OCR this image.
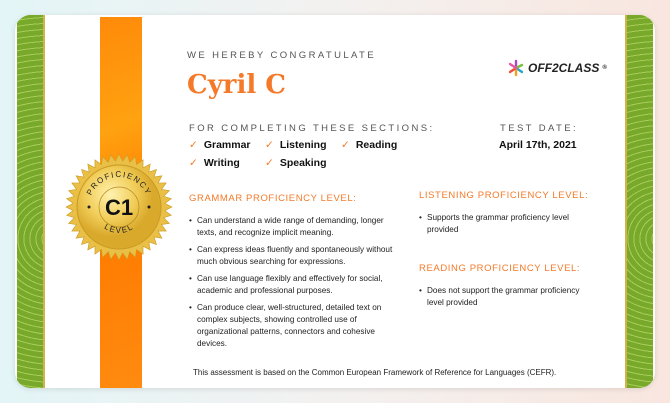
PROFICIENCY
C1
LEVEL
WE HEREBY CONGRATULATE
Cyril C
OFF2CLASS ®
FOR COMPLETING THESE SECTIONS:
✓ Grammar ✓ Listening ✓ Reading
✓ Writing ✓ Speaking
TEST DATE:
April 17th, 2021
GRAMMAR PROFICIENCY LEVEL:
• Can understand a wide range of demanding, longer texts, and recognize implicit meaning.
• Can express ideas fluently and spontaneously without much obvious searching for expressions.
• Can use language flexibly and effectively for social, academic and professional purposes.
• Can produce clear, well-structured, detailed text on complex subjects, showing controlled use of organizational patterns, connectors and cohesive devices.
LISTENING PROFICIENCY LEVEL:
• Supports the grammar proficiency level provided
READING PROFICIENCY LEVEL:
• Does not support the grammar proficiency level provided
This assessment is based on the Common European Framework of Reference for Languages (CEFR).
